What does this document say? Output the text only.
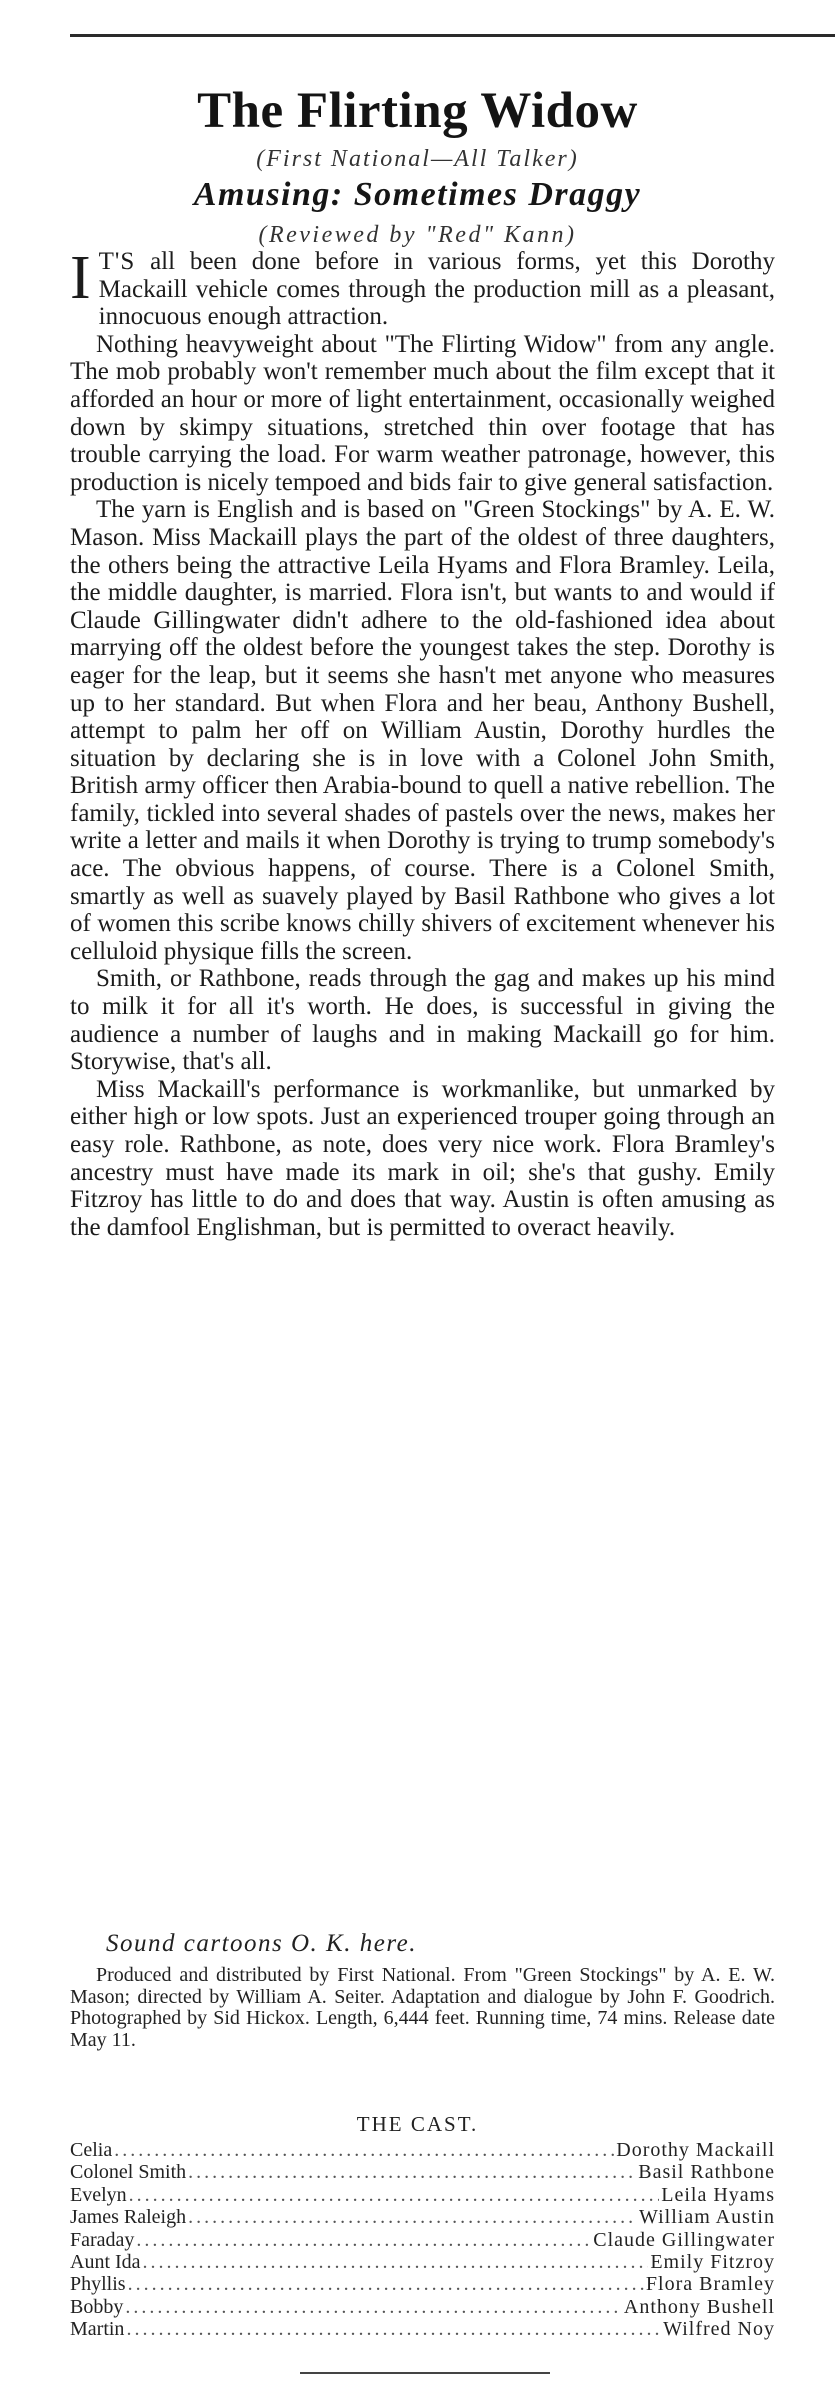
The Flirting Widow
(First National—All Talker)
Amusing: Sometimes Draggy
(Reviewed by "Red" Kann)

I T'S all been done before in various forms, yet this Dorothy Mackaill vehicle comes through the production mill as a pleasant, innocuous enough attraction.

Nothing heavyweight about "The Flirting Widow" from any angle. The mob probably won't remember much about the film except that it afforded an hour or more of light entertainment, occasionally weighed down by skimpy situations, stretched thin over footage that has trouble carrying the load. For warm weather patronage, however, this production is nicely tempoed and bids fair to give general satisfaction.

The yarn is English and is based on "Green Stockings" by A. E. W. Mason. Miss Mackaill plays the part of the oldest of three daughters, the others being the attractive Leila Hyams and Flora Bramley. Leila, the middle daughter, is married. Flora isn't, but wants to and would if Claude Gillingwater didn't adhere to the old-fashioned idea about marrying off the oldest before the youngest takes the step. Dorothy is eager for the leap, but it seems she hasn't met anyone who measures up to her standard. But when Flora and her beau, Anthony Bushell, attempt to palm her off on William Austin, Dorothy hurdles the situation by declaring she is in love with a Colonel John Smith, British army officer then Arabia-bound to quell a native rebellion. The family, tickled into several shades of pastels over the news, makes her write a letter and mails it when Dorothy is trying to trump somebody's ace. The obvious happens, of course. There is a Colonel Smith, smartly as well as suavely played by Basil Rathbone who gives a lot of women this scribe knows chilly shivers of excitement whenever his celluloid physique fills the screen.

Smith, or Rathbone, reads through the gag and makes up his mind to milk it for all it's worth. He does, is successful in giving the audience a number of laughs and in making Mackaill go for him. Storywise, that's all.

Miss Mackaill's performance is workmanlike, but unmarked by either high or low spots. Just an experienced trouper going through an easy role. Rathbone, as note, does very nice work. Flora Bramley's ancestry must have made its mark in oil; she's that gushy. Emily Fitzroy has little to do and does that way. Austin is often amusing as the damfool Englishman, but is permitted to overact heavily.

Sound cartoons O. K. here.

Produced and distributed by First National. From "Green Stockings" by A. E. W. Mason; directed by William A. Seiter. Adaptation and dialogue by John F. Goodrich. Photographed by Sid Hickox. Length, 6,444 feet. Running time, 74 mins. Release date May 11.

THE CAST.
Celia .....	Dorothy Mackaill
Colonel Smith .....	Basil Rathbone
Evelyn .....	Leila Hyams
James Raleigh .....	William Austin
Faraday .....	Claude Gillingwater
Aunt Ida .....	Emily Fitzroy
Phyllis .....	Flora Bramley
Bobby .....	Anthony Bushell
Martin .....	Wilfred Noy
